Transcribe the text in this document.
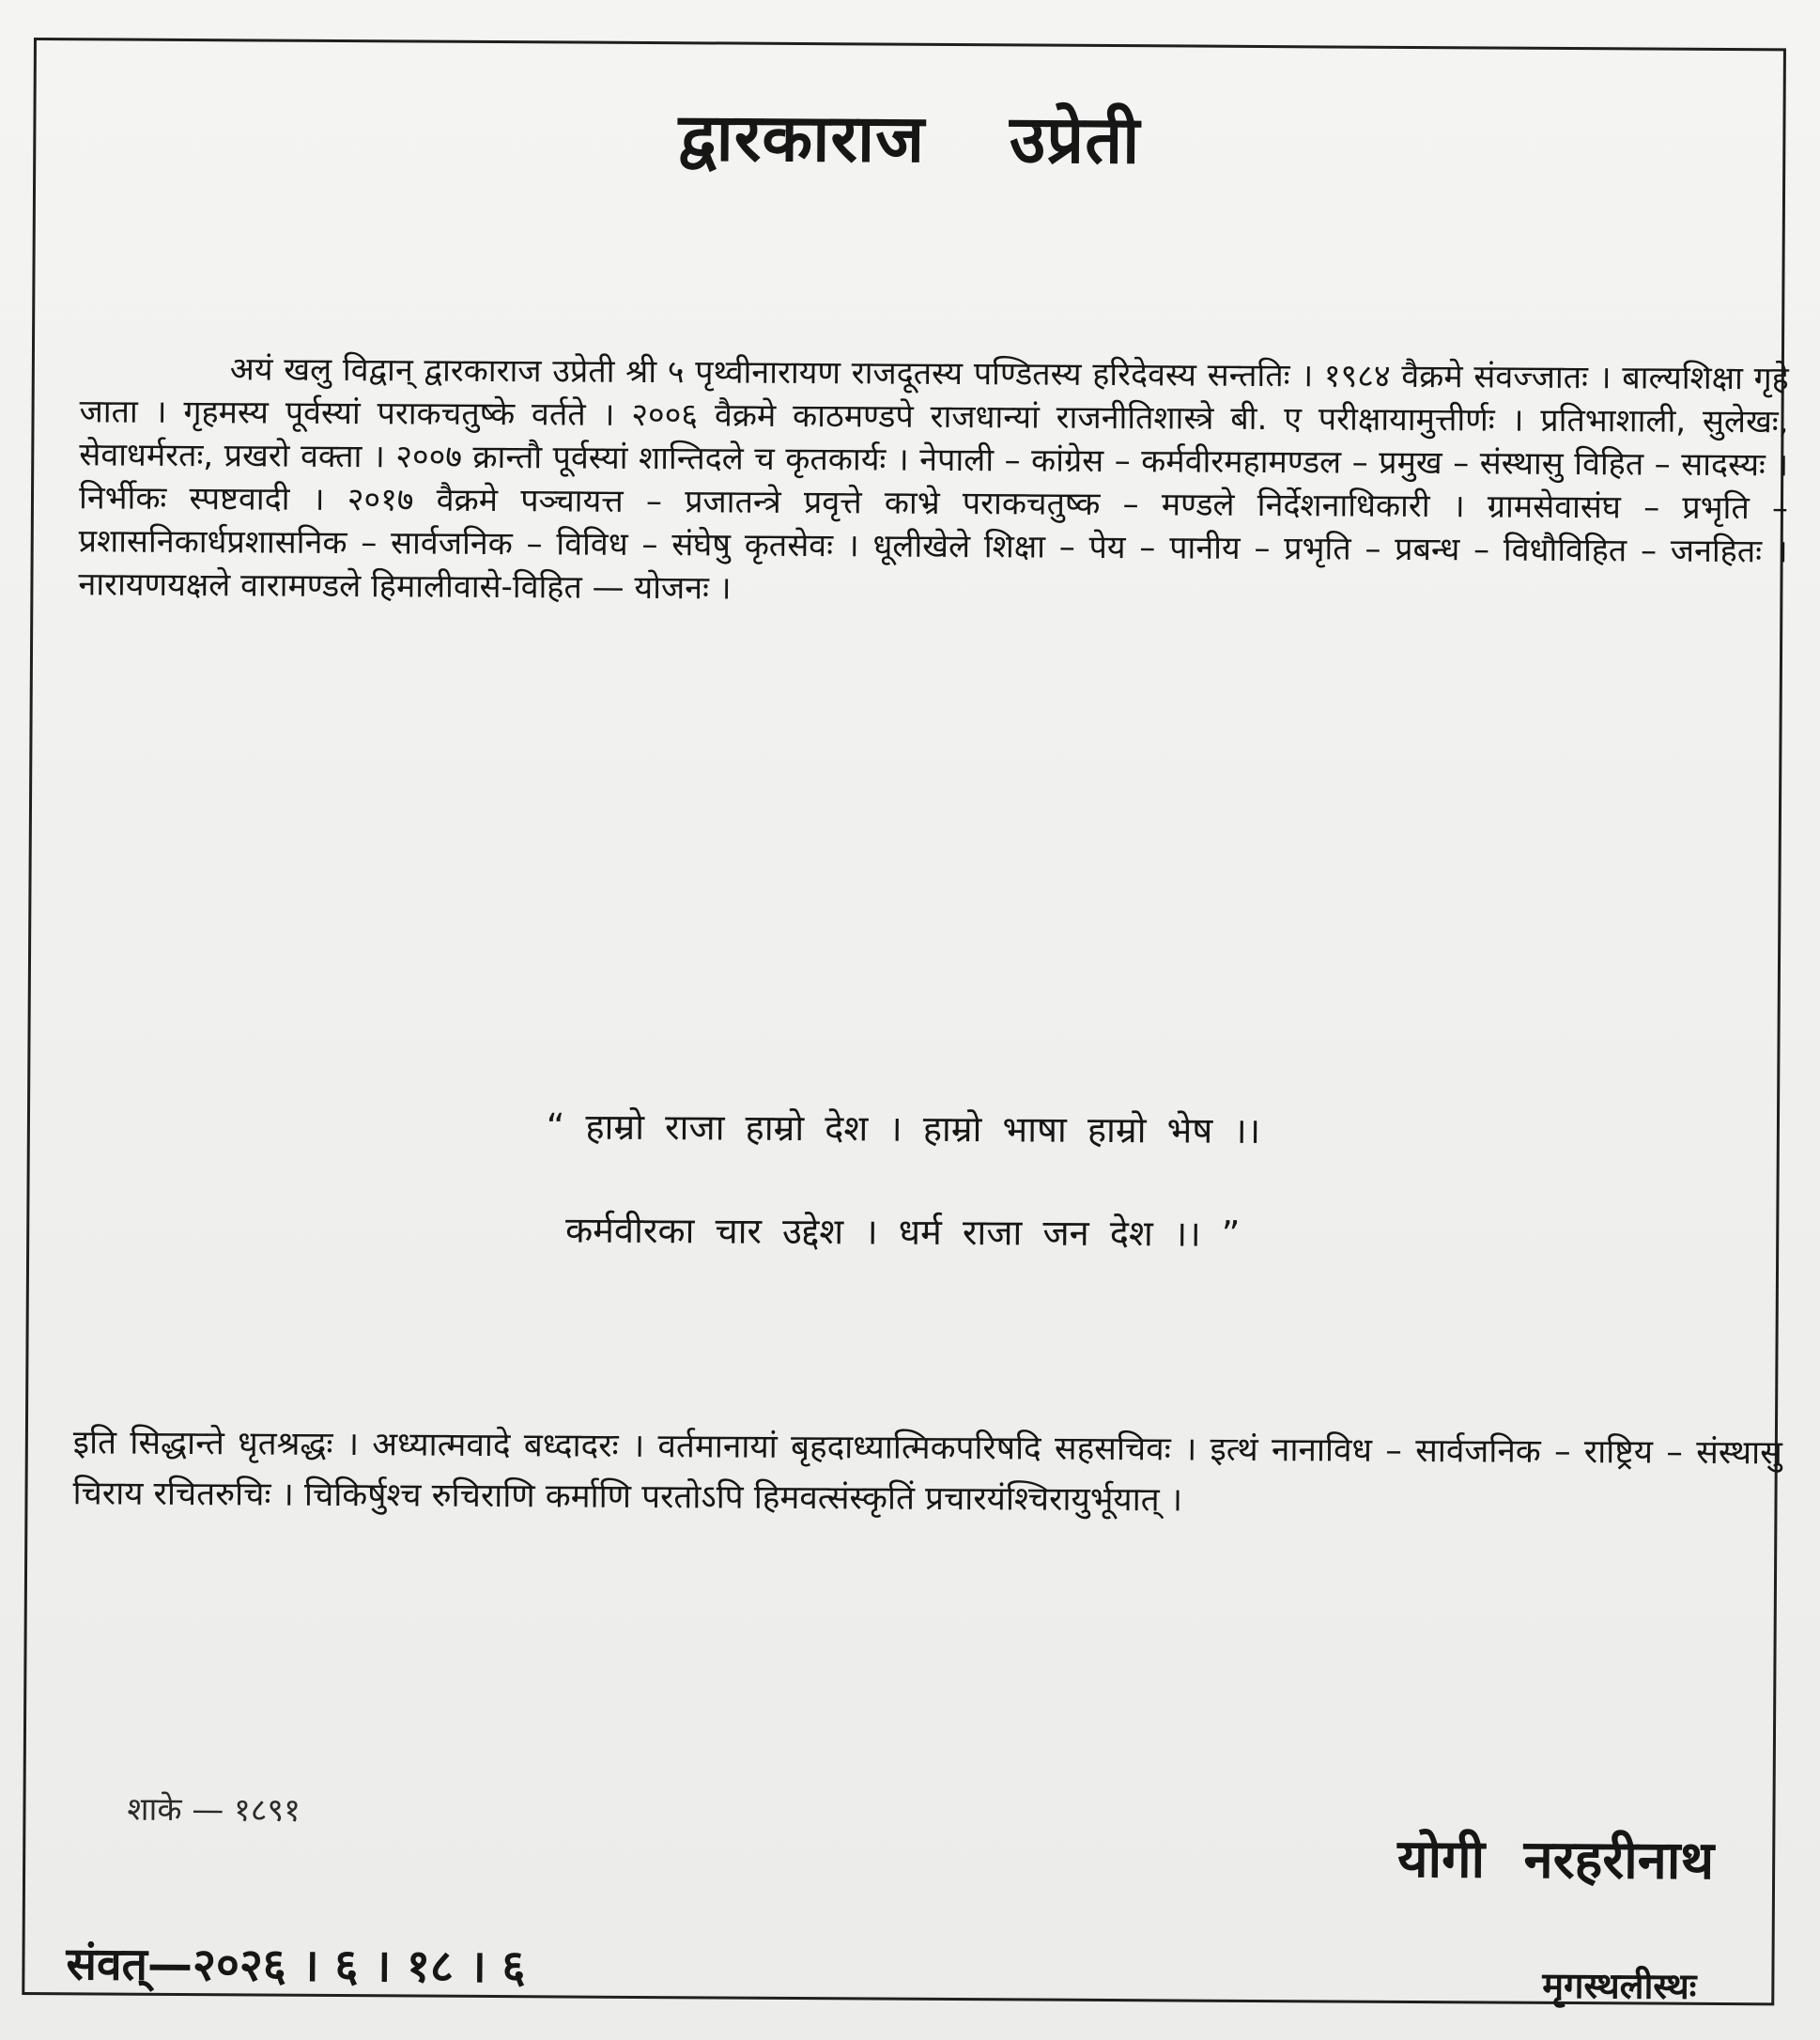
द्वारकाराज उप्रेती

अयं खलु विद्वान् द्वारकाराज उप्रेती श्री ५ पृथ्वीनारायण राजदूतस्य पण्डितस्य हरिदेवस्य सन्ततिः । १९८४ वैक्रमे संवज्जातः । बाल्यशिक्षा गृहे जाता । गृहमस्य पूर्वस्यां पराकचतुष्के वर्तते । २००६ वैक्रमे काठमण्डपे राजधान्यां राजनीतिशास्त्रे बी. ए परीक्षायामुत्तीर्णः । प्रतिभाशाली, सुलेखः, सेवाधर्मरतः, प्रखरो वक्ता । २००७ क्रान्तौ पूर्वस्यां शान्तिदले च कृतकार्यः । नेपाली – कांग्रेस – कर्मवीरमहामण्डल – प्रमुख – संस्थासु विहित – सादस्यः । निर्भीकः स्पष्टवादी । २०१७ वैक्रमे पञ्चायत्त – प्रजातन्त्रे प्रवृत्ते काभ्रे पराकचतुष्क – मण्डले निर्देशनाधिकारी । ग्रामसेवासंघ – प्रभृति – प्रशासनिकार्धप्रशासनिक – सार्वजनिक – विविध – संघेषु कृतसेवः । धूलीखेले शिक्षा – पेय – पानीय – प्रभृति – प्रबन्ध – विधौविहित – जनहितः । नारायणयक्षले वारामण्डले हिमालीवासे-विहित — योजनः ।

“ हाम्रो राजा हाम्रो देश । हाम्रो भाषा हाम्रो भेष ।।
कर्मवीरका चार उद्देश । धर्म राजा जन देश ।। ”

इति सिद्धान्ते धृतश्रद्धः । अध्यात्मवादे बध्दादरः । वर्तमानायां बृहदाध्यात्मिकपरिषदि सहसचिवः । इत्थं नानाविध – सार्वजनिक – राष्ट्रिय – संस्थासु चिराय रचितरुचिः । चिकिर्षुश्च रुचिराणि कर्माणि परतोऽपि हिमवत्संस्कृतिं प्रचारयंश्चिरायुर्भूयात् ।

शाके — १८९१
योगी नरहरीनाथ
संवत्—२०२६ । ६ । १८ । ६	मृगस्थलीस्थः
